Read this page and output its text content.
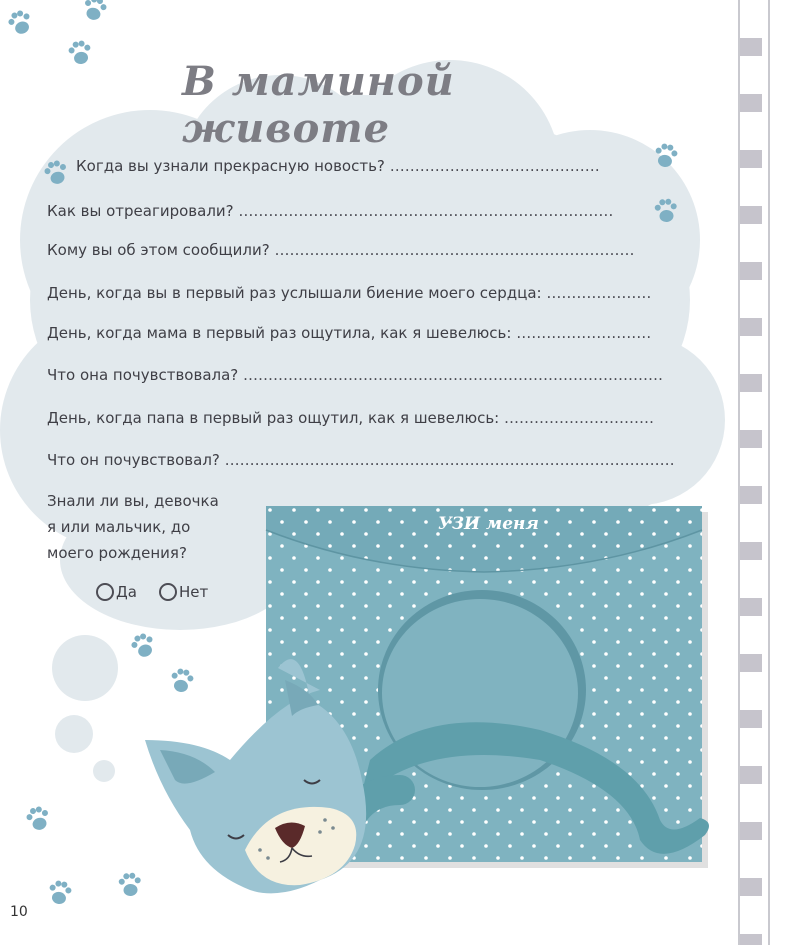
В маминой животе
Когда вы узнали прекрасную новость? ……………………………………
Как вы отреагировали? …………………………………………………………………
Кому вы об этом сообщили? ………………………………………………………………
День, когда вы в первый раз услышали биение моего сердца: …………………
День, когда мама в первый раз ощутила, как я шевелюсь: ………………………
Что она почувствовала? …………………………………………………………………………
День, когда папа в первый раз ощутил, как я шевелюсь: …………………………
Что он почувствовал? ………………………………………………………………………………
Знали ли вы, девочка
я или мальчик, до
моего рождения?
Да	Нет
УЗИ меня
10
